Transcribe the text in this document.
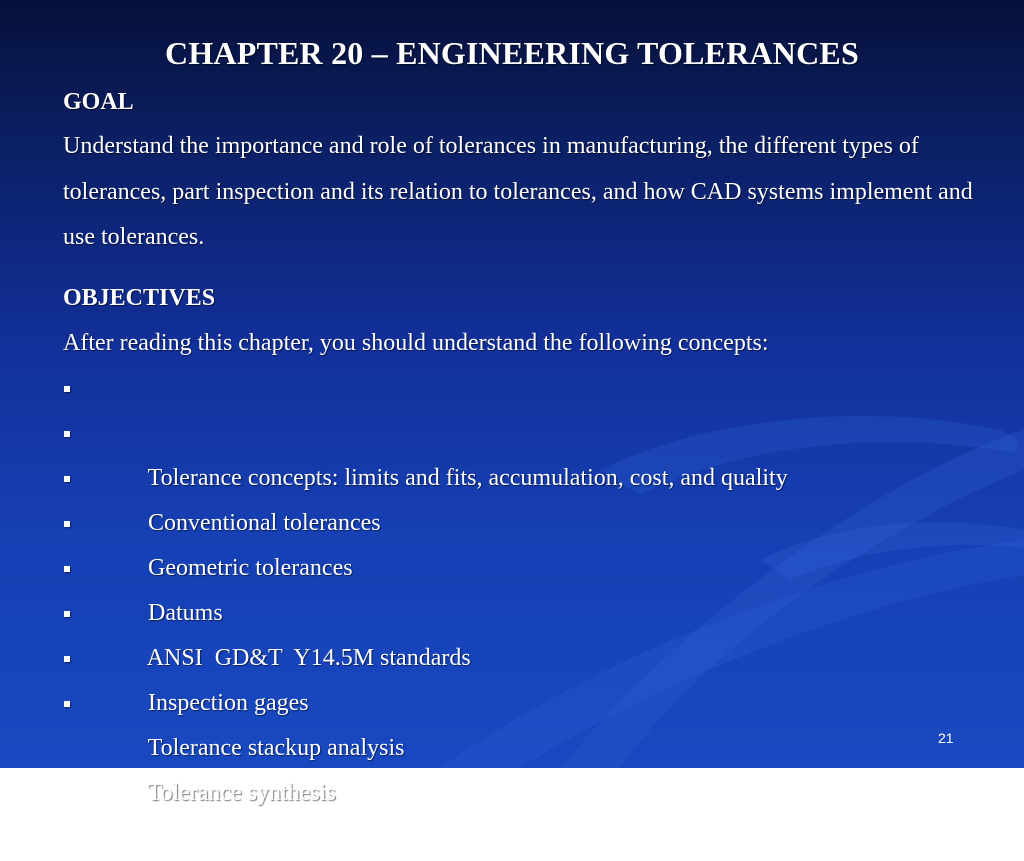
CHAPTER 20 – ENGINEERING TOLERANCES
GOAL
Understand the importance and role of tolerances in manufacturing, the different types of tolerances, part inspection and its relation to tolerances, and how CAD systems implement and use tolerances.
OBJECTIVES
After reading this chapter, you should understand the following concepts:

Tolerance concepts: limits and fits, accumulation, cost, and quality

Conventional tolerances

Geometric tolerances

Datums

ANSI  GD&T  Y14.5M standards

Inspection gages

Tolerance stackup analysis

Tolerance synthesis

21
